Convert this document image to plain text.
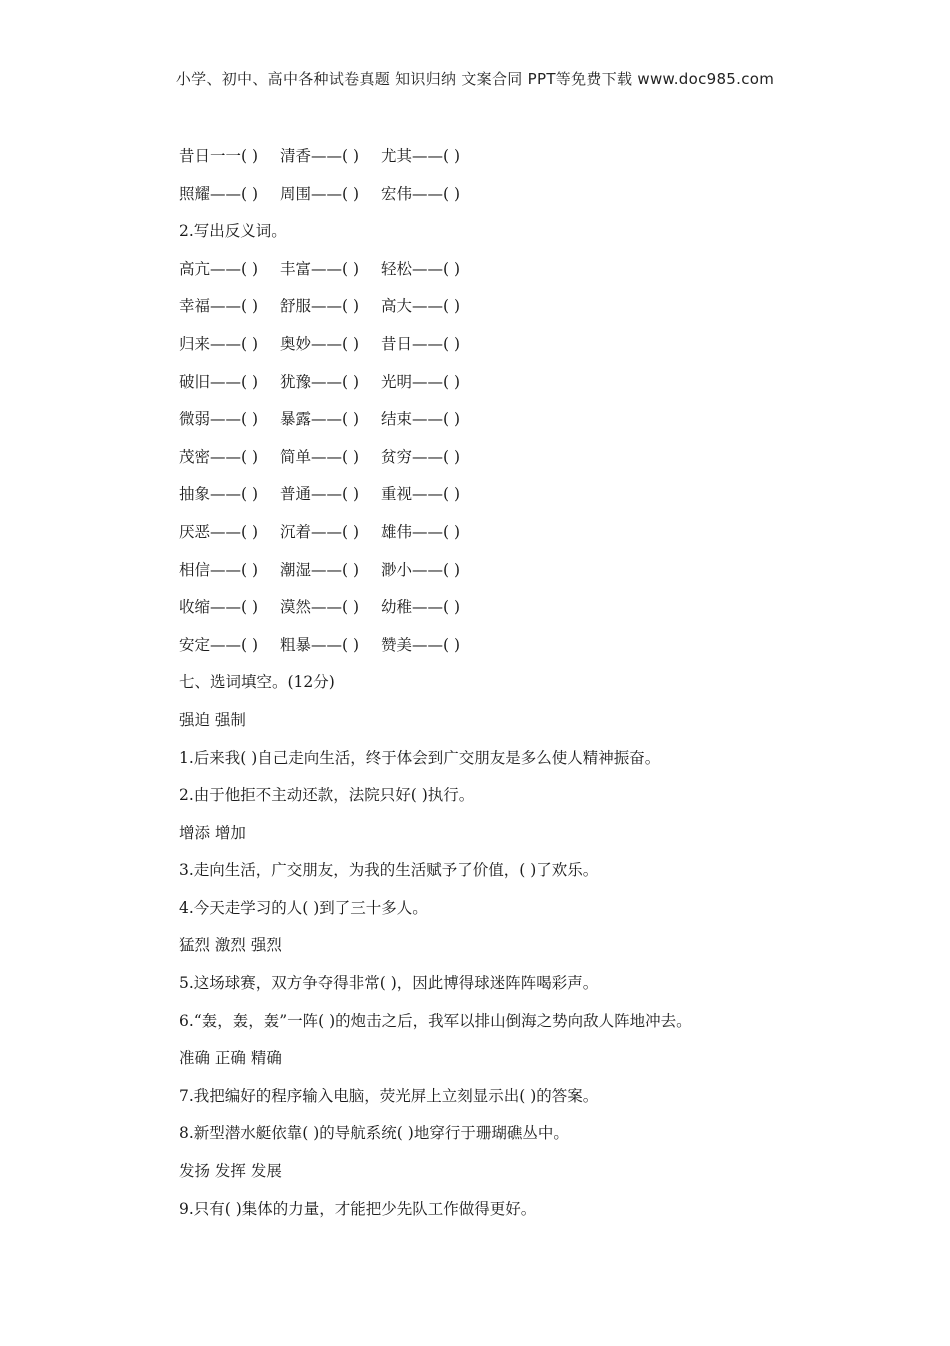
小学、初中、高中各种试卷真题 知识归纳 文案合同 PPT等免费下载 www.doc985.com
昔日一一( ) 清香——( ) 尤其——( )
照耀——( ) 周围——( ) 宏伟——( )
2.写出反义词。
高亢——( ) 丰富——( ) 轻松——( )
幸福——( ) 舒服——( ) 高大——( )
归来——( ) 奥妙——( ) 昔日——( )
破旧——( ) 犹豫——( ) 光明——( )
微弱——( ) 暴露——( ) 结束——( )
茂密——( ) 简单——( ) 贫穷——( )
抽象——( ) 普通——( ) 重视——( )
厌恶——( ) 沉着——( ) 雄伟——( )
相信——( ) 潮湿——( ) 渺小——( )
收缩——( ) 漠然——( ) 幼稚——( )
安定——( ) 粗暴——( ) 赞美——( )
七、选词填空。(12分)
强迫 强制
1.后来我( )自己走向生活，终于体会到广交朋友是多么使人精神振奋。
2.由于他拒不主动还款，法院只好( )执行。
增添 增加
3.走向生活，广交朋友，为我的生活赋予了价值，( )了欢乐。
4.今天走学习的人( )到了三十多人。
猛烈 激烈 强烈
5.这场球赛，双方争夺得非常( )，因此博得球迷阵阵喝彩声。
6.“轰，轰，轰”一阵( )的炮击之后，我军以排山倒海之势向敌人阵地冲去。
准确 正确 精确
7.我把编好的程序输入电脑，荧光屏上立刻显示出( )的答案。
8.新型潜水艇依靠( )的导航系统( )地穿行于珊瑚礁丛中。
发扬 发挥 发展
9.只有( )集体的力量，才能把少先队工作做得更好。
